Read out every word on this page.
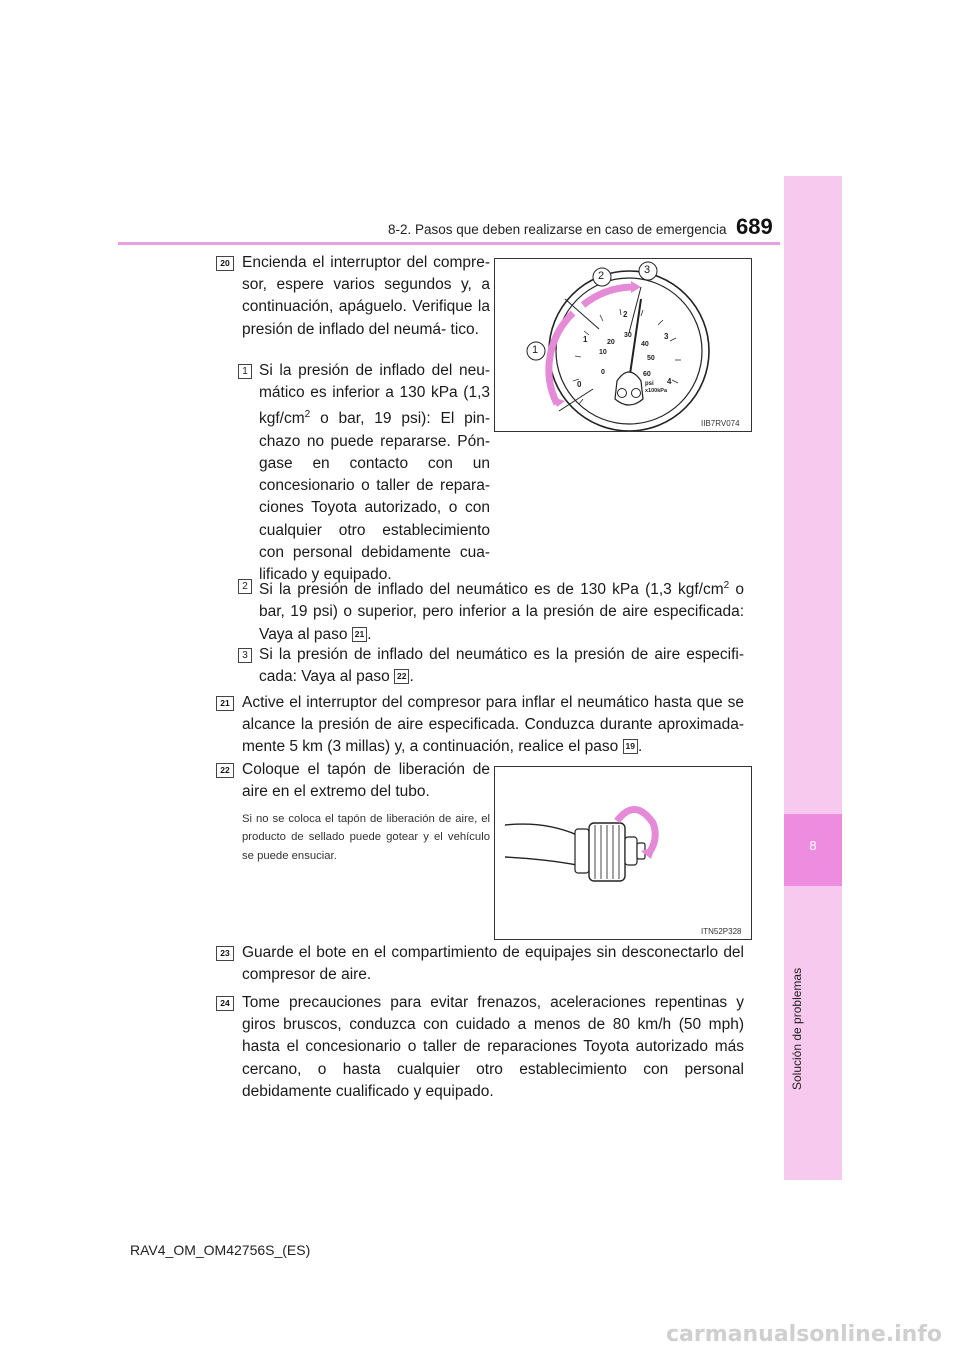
8-2. Pasos que deben realizarse en caso de emergencia 689
8
Solución de problemas
20 Encienda el interruptor del compre- sor, espere varios segundos y, a continuación, apáguelo. Verifique la presión de inflado del neumá- tico.
1 Si la presión de inflado del neu- mático es inferior a 130 kPa (1,3 kgf/$cm^2$ o bar, 19 psi): El pin- chazo no puede repararse. Pón- gase en contacto con un concesionario o taller de repara- ciones Toyota autorizado, o con cualquier otro establecimiento con personal debidamente cua- lificado y equipado.
1
2	3
0
1
2
3
4
0
10
20
30
40
50
60
psi
x100kPa
IIB7RV074
2 Si la presión de inflado del neumático es de 130 kPa (1,3 kgf/$cm^2$ o bar, 19 psi) o superior, pero inferior a la presión de aire especificada: Vaya al paso 21 .
3 Si la presión de inflado del neumático es la presión de aire especifi- cada: Vaya al paso 22 .
21 Active el interruptor del compresor para inflar el neumático hasta que se alcance la presión de aire especificada. Conduzca durante aproximada- mente 5 km (3 millas) y, a continuación, realice el paso 19 .
22 Coloque el tapón de liberación de aire en el extremo del tubo.
Si no se coloca el tapón de liberación de aire, el producto de sellado puede gotear y el vehículo se puede ensuciar.
ITN52P328
23 Guarde el bote en el compartimiento de equipajes sin desconectarlo del compresor de aire.
24 Tome precauciones para evitar frenazos, aceleraciones repentinas y giros bruscos, conduzca con cuidado a menos de 80 km/h (50 mph) hasta el concesionario o taller de reparaciones Toyota autorizado más cercano, o hasta cualquier otro establecimiento con personal debidamente cualificado y equipado.
RAV4_OM_OM42756S_(ES)
carmanualsonline.info
